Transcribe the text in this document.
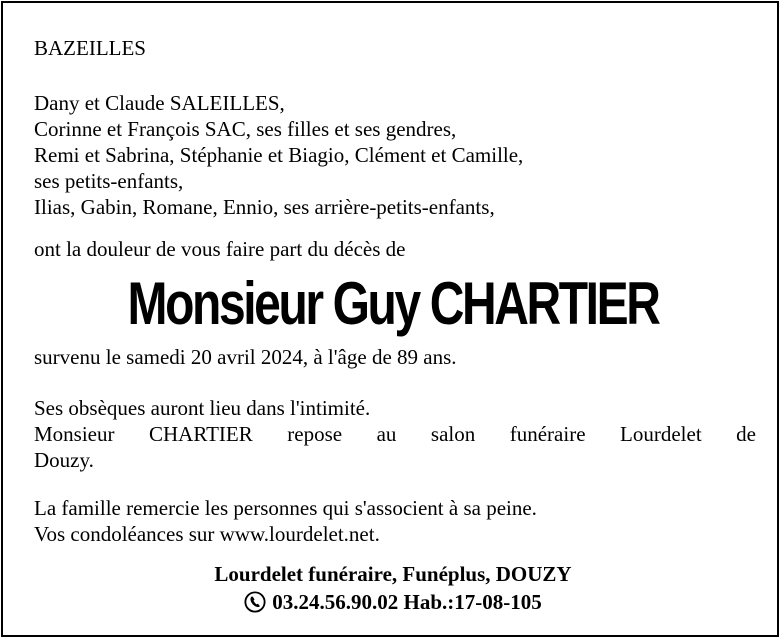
BAZEILLES
Dany et Claude SALEILLES,
Corinne et François SAC, ses filles et ses gendres,
Remi et Sabrina, Stéphanie et Biagio, Clément et Camille,
ses petits-enfants,
Ilias, Gabin, Romane, Ennio, ses arrière-petits-enfants,
ont la douleur de vous faire part du décès de
Monsieur Guy CHARTIER
survenu le samedi 20 avril 2024, à l'âge de 89 ans.
Ses obsèques auront lieu dans l'intimité.
Monsieur CHARTIER repose au salon funéraire Lourdelet de
Douzy.
La famille remercie les personnes qui s'associent à sa peine.
Vos condoléances sur www.lourdelet.net.
Lourdelet funéraire, Funéplus, DOUZY
03.24.56.90.02 Hab.:17-08-105
